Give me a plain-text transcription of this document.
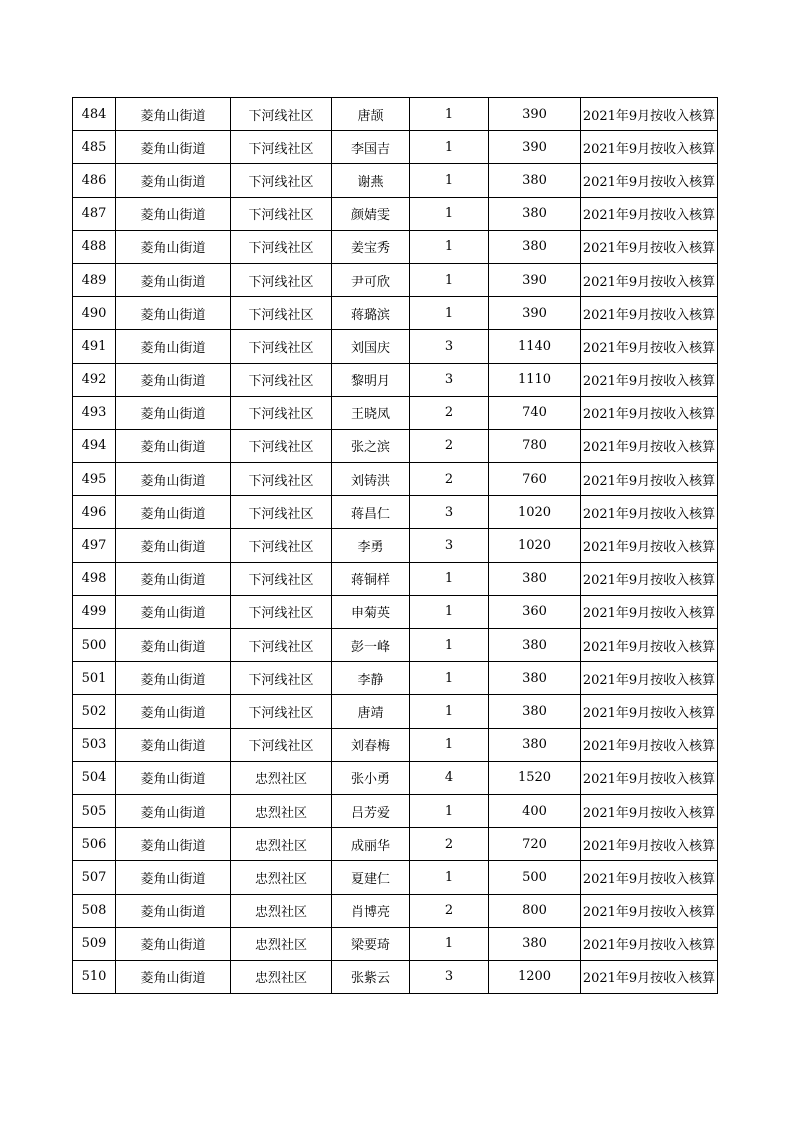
484	菱角山街道	下河线社区	唐颉	1	390	2021年9月按收入核算
485	菱角山街道	下河线社区	李国吉	1	390	2021年9月按收入核算
486	菱角山街道	下河线社区	谢燕	1	380	2021年9月按收入核算
487	菱角山街道	下河线社区	颜婧雯	1	380	2021年9月按收入核算
488	菱角山街道	下河线社区	姜宝秀	1	380	2021年9月按收入核算
489	菱角山街道	下河线社区	尹可欣	1	390	2021年9月按收入核算
490	菱角山街道	下河线社区	蒋璐滨	1	390	2021年9月按收入核算
491	菱角山街道	下河线社区	刘国庆	3	1140	2021年9月按收入核算
492	菱角山街道	下河线社区	黎明月	3	1110	2021年9月按收入核算
493	菱角山街道	下河线社区	王晓凤	2	740	2021年9月按收入核算
494	菱角山街道	下河线社区	张之滨	2	780	2021年9月按收入核算
495	菱角山街道	下河线社区	刘铸洪	2	760	2021年9月按收入核算
496	菱角山街道	下河线社区	蒋昌仁	3	1020	2021年9月按收入核算
497	菱角山街道	下河线社区	李勇	3	1020	2021年9月按收入核算
498	菱角山街道	下河线社区	蒋铜样	1	380	2021年9月按收入核算
499	菱角山街道	下河线社区	申菊英	1	360	2021年9月按收入核算
500	菱角山街道	下河线社区	彭一峰	1	380	2021年9月按收入核算
501	菱角山街道	下河线社区	李静	1	380	2021年9月按收入核算
502	菱角山街道	下河线社区	唐靖	1	380	2021年9月按收入核算
503	菱角山街道	下河线社区	刘春梅	1	380	2021年9月按收入核算
504	菱角山街道	忠烈社区	张小勇	4	1520	2021年9月按收入核算
505	菱角山街道	忠烈社区	吕芳爱	1	400	2021年9月按收入核算
506	菱角山街道	忠烈社区	成丽华	2	720	2021年9月按收入核算
507	菱角山街道	忠烈社区	夏建仁	1	500	2021年9月按收入核算
508	菱角山街道	忠烈社区	肖博亮	2	800	2021年9月按收入核算
509	菱角山街道	忠烈社区	梁要琦	1	380	2021年9月按收入核算
510	菱角山街道	忠烈社区	张紫云	3	1200	2021年9月按收入核算
